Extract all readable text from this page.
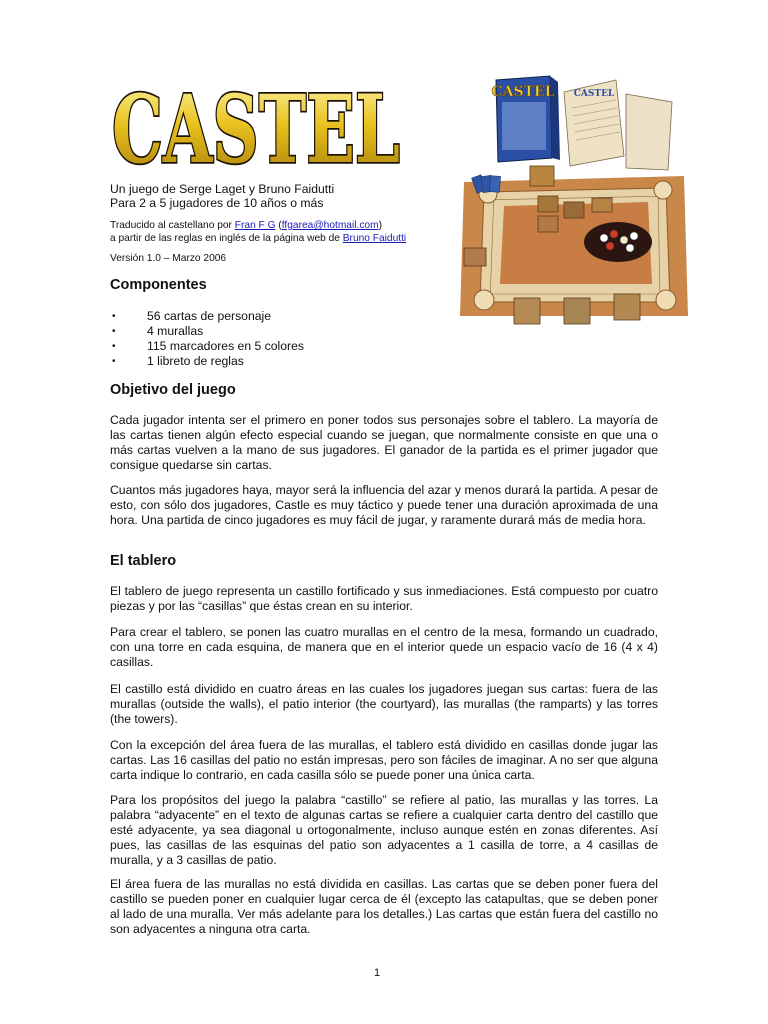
CASTEL
Un juego de Serge Laget y Bruno Faidutti
Para 2 a 5 jugadores de 10 años o más
Traducido al castellano por Fran F G (ffgarea@hotmail.com)
a partir de las reglas en inglés de la página web de Bruno Faidutti
Versión 1.0 – Marzo 2006
CASTEL CASTEL
Componentes
• 56 cartas de personaje
• 4 murallas
• 115 marcadores en 5 colores
• 1 libreto de reglas
Objetivo del juego

Cada jugador intenta ser el primero en poner todos sus personajes sobre el tablero. La mayoría de las cartas tienen algún efecto especial cuando se juegan, que normalmente consiste en que una o más cartas vuelven a la mano de sus jugadores. El ganador de la partida es el primer jugador que consigue quedarse sin cartas.

Cuantos más jugadores haya, mayor será la influencia del azar y menos durará la partida. A pesar de esto, con sólo dos jugadores, Castle es muy táctico y puede tener una duración aproximada de una hora. Una partida de cinco jugadores es muy fácil de jugar, y raramente durará más de media hora.

El tablero

El tablero de juego representa un castillo fortificado y sus inmediaciones. Está compuesto por cuatro piezas y por las “casillas” que éstas crean en su interior.

Para crear el tablero, se ponen las cuatro murallas en el centro de la mesa, formando un cuadrado, con una torre en cada esquina, de manera que en el interior quede un espacio vacío de 16 (4 x 4) casillas.

El castillo está dividido en cuatro áreas en las cuales los jugadores juegan sus cartas: fuera de las murallas (outside the walls), el patio interior (the courtyard), las murallas (the ramparts) y las torres (the towers).

Con la excepción del área fuera de las murallas, el tablero está dividido en casillas donde jugar las cartas. Las 16 casillas del patio no están impresas, pero son fáciles de imaginar. A no ser que alguna carta indique lo contrario, en cada casilla sólo se puede poner una única carta.

Para los propósitos del juego la palabra “castillo” se refiere al patio, las murallas y las torres. La palabra “adyacente” en el texto de algunas cartas se refiere a cualquier carta dentro del castillo que esté adyacente, ya sea diagonal u ortogonalmente, incluso aunque estén en zonas diferentes. Así pues, las casillas de las esquinas del patio son adyacentes a 1 casilla de torre, a 4 casillas de muralla, y a 3 casillas de patio.

El área fuera de las murallas no está dividida en casillas. Las cartas que se deben poner fuera del castillo se pueden poner en cualquier lugar cerca de él (excepto las catapultas, que se deben poner al lado de una muralla. Ver más adelante para los detalles.) Las cartas que están fuera del castillo no son adyacentes a ninguna otra carta.

1
